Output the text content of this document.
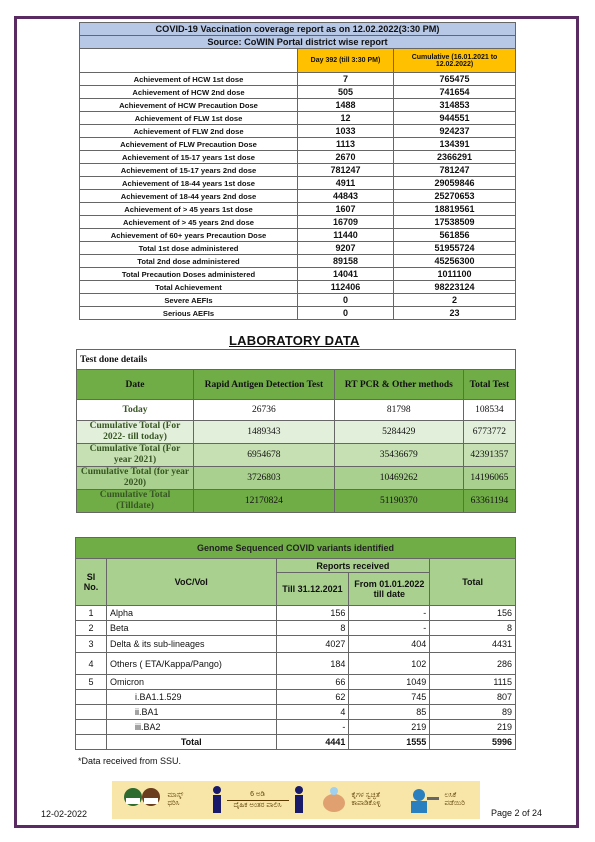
COVID-19 Vaccination coverage report as on 12.02.2022(3:30 PM)		
Source: CoWIN Portal district wise report		
	Day 392 (till 3:30 PM)	Cumulative (16.01.2021 to 12.02.2022)
Achievement of HCW 1st dose	7	765475
Achievement of HCW 2nd dose	505	741654
Achievement of HCW Precaution Dose	1488	314853
Achievement of FLW 1st dose	12	944551
Achievement of FLW 2nd dose	1033	924237
Achievement of FLW Precaution Dose	1113	134391
Achievement of 15-17 years 1st dose	2670	2366291
Achievement of 15-17 years 2nd dose	781247	781247
Achievement of 18-44 years 1st dose	4911	29059846
Achievement of 18-44 years 2nd dose	44843	25270653
Achievement of > 45 years 1st dose	1607	18819561
Achievement of > 45 years 2nd dose	16709	17538509
Achievement of 60+ years Precaution Dose	11440	561856
Total 1st dose administered	9207	51955724
Total 2nd dose administered	89158	45256300
Total Precaution Doses administered	14041	1011100
Total Achievement	112406	98223124
Severe AEFIs	0	2
Serious AEFIs	0	23
LABORATORY DATA
Test done details			
Date	Rapid Antigen Detection Test	RT PCR & Other methods	Total Test
Today	26736	81798	108534
Cumulative Total (For 2022- till today)	1489343	5284429	6773772
Cumulative Total (For year 2021)	6954678	35436679	42391357
Cumulative Total (for year 2020)	3726803	10469262	14196065
Cumulative Total (Tilldate)	12170824	51190370	63361194
Genome Sequenced COVID variants identified				
Sl No.	VoC/VoI	Reports received		Total
		Till 31.12.2021	From 01.01.2022 till date	
1	Alpha	156	-	156
2	Beta	8	-	8
3	Delta & its sub-lineages	4027	404	4431
4	Others ( ETA/Kappa/Pango)	184	102	286
5	Omicron	66	1049	1115
	i.BA1.1.529	62	745	807
	ii.BA1	4	85	89
	iii.BA2	-	219	219
	Total	4441	1555	5996
*Data received from SSU.
ಮಾಸ್ಕ್ ಧರಿಸಿ
6 ಅಡಿ
ದೈಹಿಕ ಅಂತರ ಪಾಲಿಸಿ
ಕೈಗಳ ಸ್ವಚ್ಛತೆ ಕಾಪಾಡಿಕೊಳ್ಳಿ
ಲಸಿಕೆ ಪಡೆಯಿರಿ
12-02-2022	Page 2 of 24
